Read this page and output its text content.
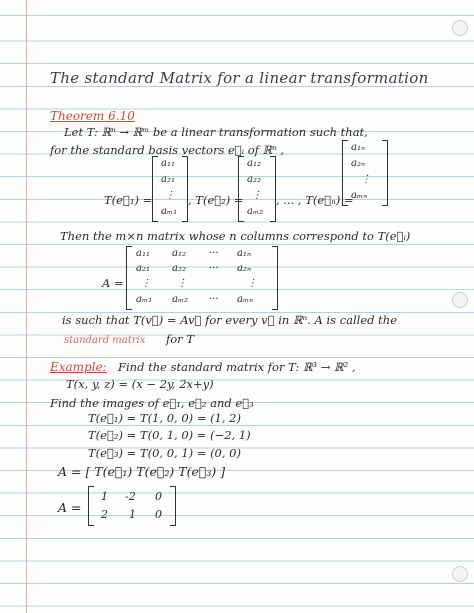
The standard Matrix for a linear transformation
Theorem 6.10
Let T: ℝⁿ → ℝᵐ be a linear transformation such that,
for the standard basis vectors e⃗ᵢ of ℝⁿ ,
T(e⃗₁) =
a₁₁
a₂₁
⋮
aₘ₁
, T(e⃗₂) =
a₁₂
a₂₂
⋮
aₘ₂
, ... , T(e⃗ₙ) =
a₁ₙ
a₂ₙ
⋮
aₘₙ
Then the m×n matrix whose n columns correspond to T(e⃗ᵢ)
A =
a₁₁ a₁₂ ··· a₁ₙ
a₂₁ a₂₂ ··· a₂ₙ
⋮	⋮	⋮
aₘ₁ aₘ₂ ··· aₘₙ
is such that T(v⃗) = Av⃗ for every v⃗ in ℝⁿ. A is called the
standard matrix for T
Example: Find the standard matrix for T: ℝ³ → ℝ² ,
T(x, y, z) = (x − 2y, 2x+y)
Find the images of e⃗₁, e⃗₂ and e⃗₃
T(e⃗₁) = T(1, 0, 0) = (1, 2)
T(e⃗₂) = T(0, 1, 0) = (−2, 1)
T(e⃗₃) = T(0, 0, 1) = (0, 0)
A = [ T(e⃗₁) T(e⃗₂) T(e⃗₃) ]
A =
1 -2 0
2 1 0
